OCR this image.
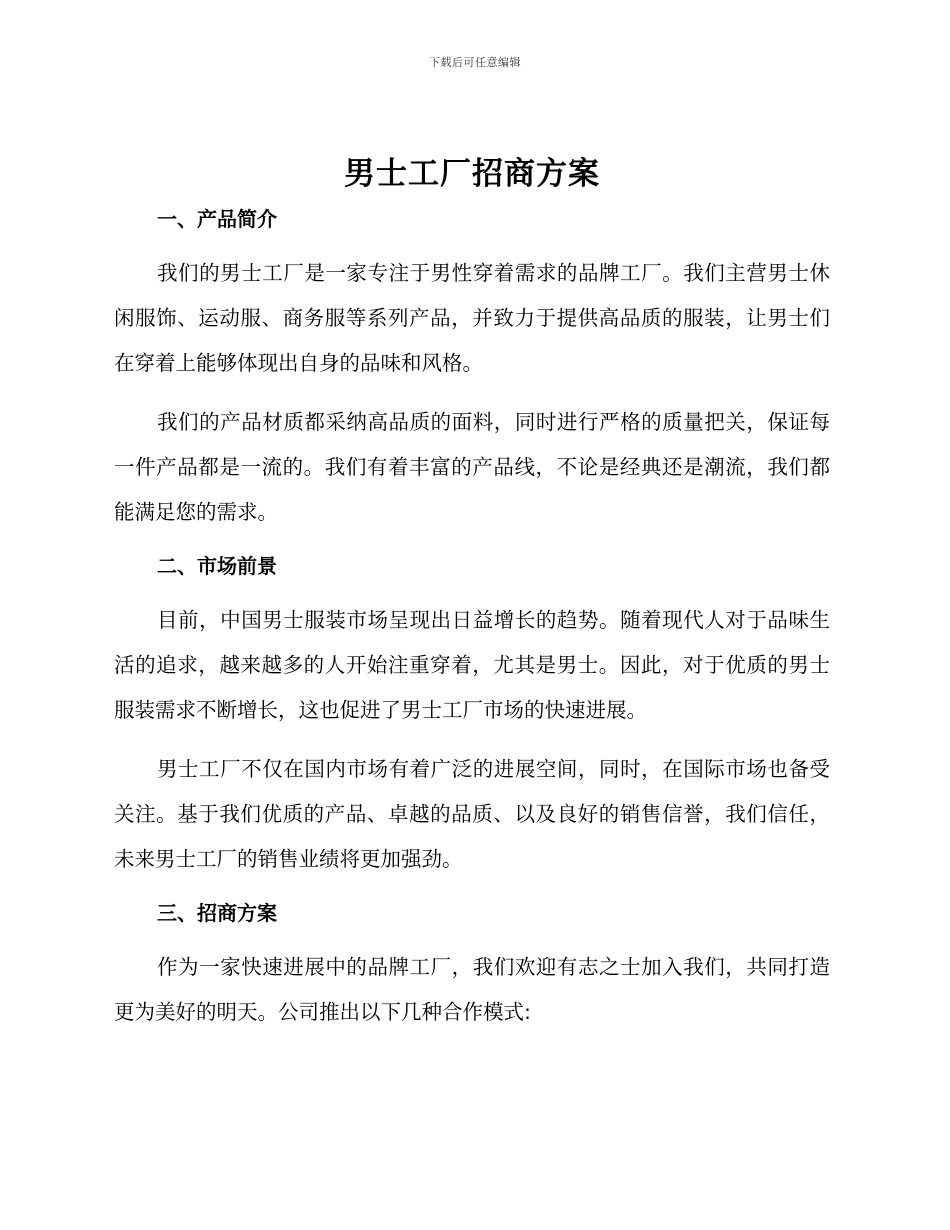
下载后可任意编辑
男士工厂招商方案
一、产品简介

我们的男士工厂是一家专注于男性穿着需求的品牌工厂。我们主营男士休闲服饰、运动服、商务服等系列产品，并致力于提供高品质的服装，让男士们在穿着上能够体现出自身的品味和风格。

我们的产品材质都采纳高品质的面料，同时进行严格的质量把关，保证每一件产品都是一流的。我们有着丰富的产品线，不论是经典还是潮流，我们都能满足您的需求。

二、市场前景

目前，中国男士服装市场呈现出日益增长的趋势。随着现代人对于品味生活的追求，越来越多的人开始注重穿着，尤其是男士。因此，对于优质的男士服装需求不断增长，这也促进了男士工厂市场的快速进展。

男士工厂不仅在国内市场有着广泛的进展空间，同时，在国际市场也备受关注。基于我们优质的产品、卓越的品质、以及良好的销售信誉，我们信任，未来男士工厂的销售业绩将更加强劲。

三、招商方案

作为一家快速进展中的品牌工厂，我们欢迎有志之士加入我们，共同打造更为美好的明天。公司推出以下几种合作模式:
